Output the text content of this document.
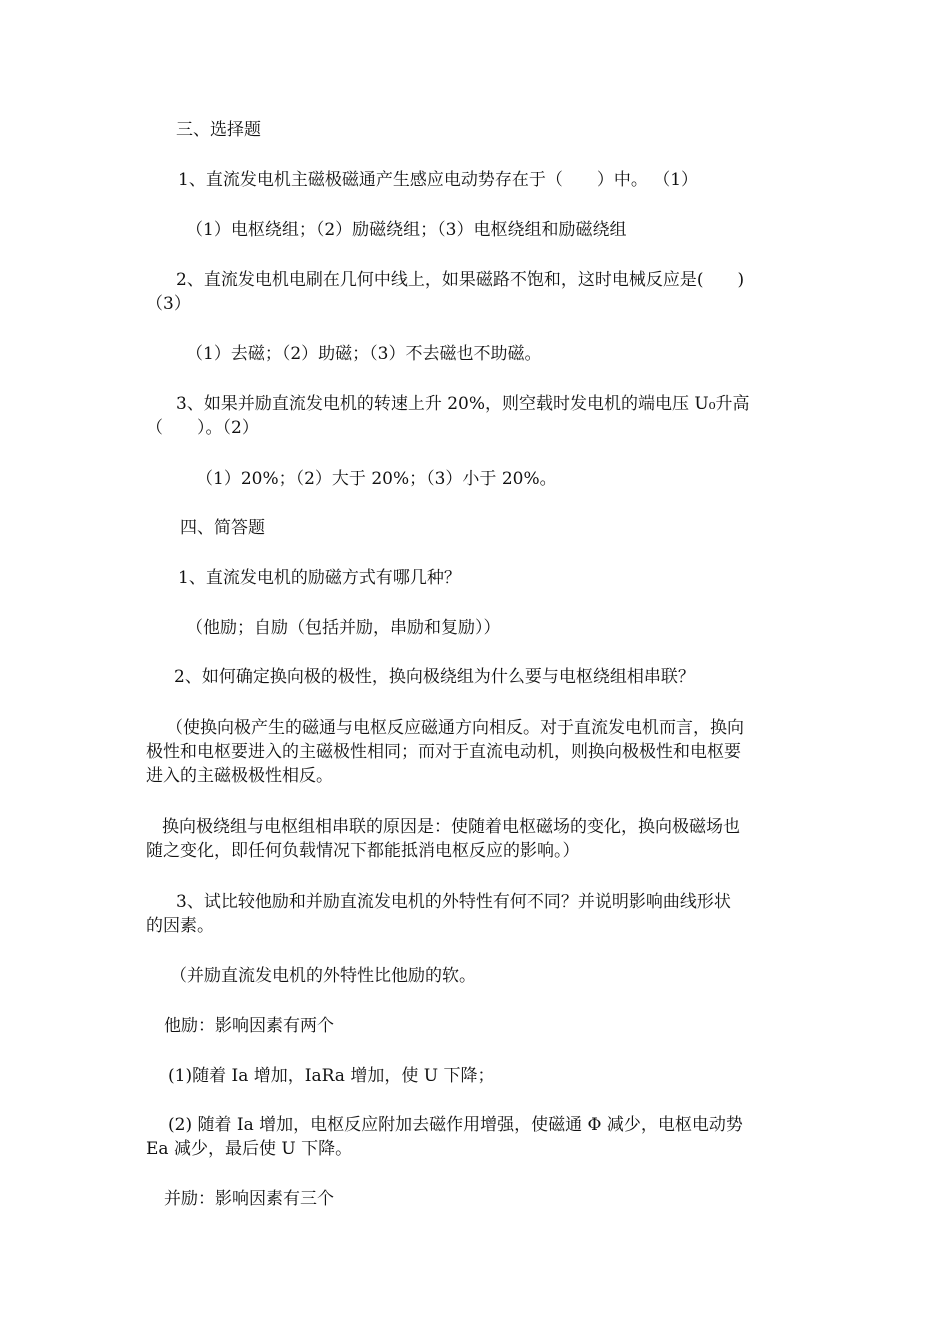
三、选择题

1、直流发电机主磁极磁通产生感应电动势存在于（　　）中。 （1）

（1）电枢绕组；（2）励磁绕组；（3）电枢绕组和励磁绕组

2、直流发电机电刷在几何中线上，如果磁路不饱和，这时电械反应是(　　)
（3）

（1）去磁；（2）助磁；（3）不去磁也不助磁。

3、如果并励直流发电机的转速上升 20%，则空载时发电机的端电压 U₀升高
（　　）。（2）

（1）20%；（2）大于 20%；（3）小于 20%。

四、简答题

1、直流发电机的励磁方式有哪几种？

（他励；自励（包括并励，串励和复励））

2、如何确定换向极的极性，换向极绕组为什么要与电枢绕组相串联？

（使换向极产生的磁通与电枢反应磁通方向相反。对于直流发电机而言，换向
极性和电枢要进入的主磁极性相同；而对于直流电动机，则换向极极性和电枢要
进入的主磁极极性相反。

换向极绕组与电枢组相串联的原因是：使随着电枢磁场的变化，换向极磁场也
随之变化，即任何负载情况下都能抵消电枢反应的影响。）

3、试比较他励和并励直流发电机的外特性有何不同？并说明影响曲线形状
的因素。

（并励直流发电机的外特性比他励的软。

他励：影响因素有两个

(1)随着 Ia 增加，IaRa 增加，使 U 下降；

(2) 随着 Ia 增加，电枢反应附加去磁作用增强，使磁通 Φ 减少，电枢电动势
Ea 减少，最后使 U 下降。

并励：影响因素有三个
